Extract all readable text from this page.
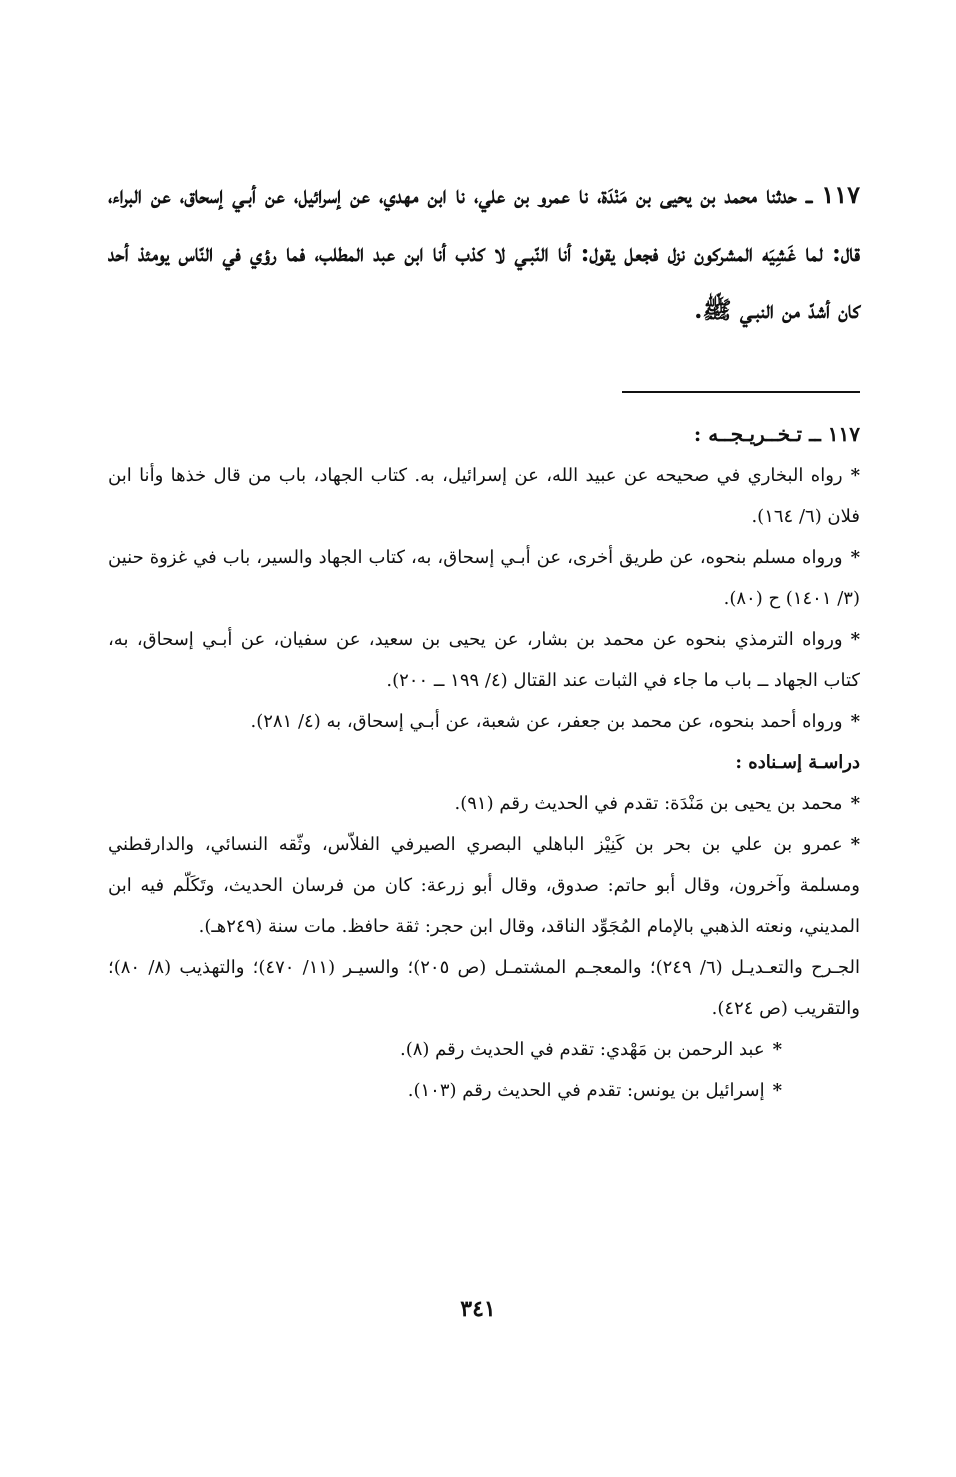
١١٧ ــ حدثنا محمد بن يحيى بن مَنْدَة، نا عمرو بن علي، نا ابن مهدي، عن إسرائيل، عن أبـي إسحاق، عن البراء، قال: لما غَشِيَه المشركون نزل فجعل يقول: أنا النّبـي لا كذب أنا ابن عبد المطلب، فما رؤي في النّاس يومئذ أحد كان أشدّ من النبـي ﷺ.

١١٧ ــ تـخــريـجــه :

*رواه البخاري في صحيحه عن عبيد الله، عن إسرائيل، به. كتاب الجهاد، باب من قال خذها وأنا ابن فلان (٦/ ١٦٤).

*ورواه مسلم بنحوه، عن طريق أخرى، عن أبـي إسحاق، به، كتاب الجهاد والسير، باب في غزوة حنين (٣/ ١٤٠١) ح (٨٠).

*ورواه الترمذي بنحوه عن محمد بن بشار، عن يحيى بن سعيد، عن سفيان، عن أبـي إسحاق، به، كتاب الجهاد ــ باب ما جاء في الثبات عند القتال (٤/ ١٩٩ ــ ٢٠٠).

*ورواه أحمد بنحوه، عن محمد بن جعفر، عن شعبة، عن أبـي إسحاق، به (٤/ ٢٨١).

دراسـة إسـناده :

*محمد بن يحيى بن مَنْدَة: تقدم في الحديث رقم (٩١).

*عمرو بن علي بن بحر بن كَنِيْز الباهلي البصري الصيرفي الفلاّس، وثّقه النسائي، والدارقطني ومسلمة وآخرون، وقال أبو حاتم: صدوق، وقال أبو زرعة: كان من فرسان الحديث، وتَكَلّم فيه ابن المديني، ونعته الذهبي بالإمام المُجَوِّد الناقد، وقال ابن حجر: ثقة حافظ. مات سنة (٢٤٩هـ).

الجـرح والتعـديـل (٦/ ٢٤٩)؛ والمعجـم المشتمـل (ص ٢٠٥)؛ والسيـر (١١/ ٤٧٠)؛ والتهذيب (٨/ ٨٠)؛ والتقريب (ص ٤٢٤).

*عبد الرحمن بن مَهْدي: تقدم في الحديث رقم (٨).

*إسرائيل بن يونس: تقدم في الحديث رقم (١٠٣).

٣٤١
